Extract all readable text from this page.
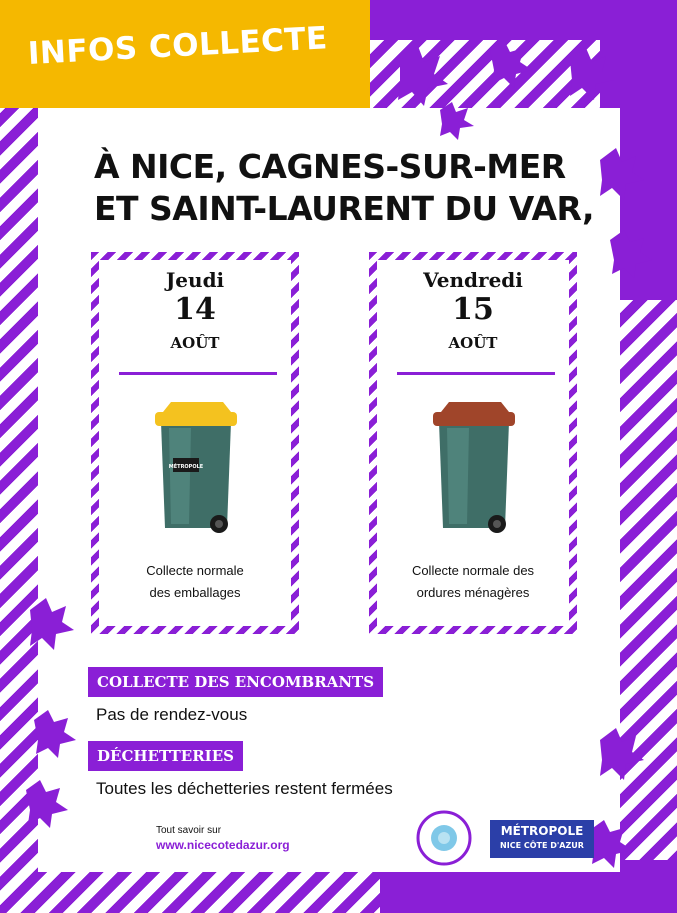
INFOS COLLECTE
À NICE, CAGNES-SUR-MER
ET SAINT-LAURENT DU VAR,
Jeudi
14
AOÛT
MÉTROPOLE
Collecte normale
des emballages
Vendredi
15
AOÛT
Collecte normale des
ordures ménagères
COLLECTE DES ENCOMBRANTS
Pas de rendez-vous
DÉCHETTERIES
Toutes les déchetteries restent fermées
Tout savoir sur
www.nicecotedazur.org
MÉTROPOLE
NICE CÔTE D'AZUR
